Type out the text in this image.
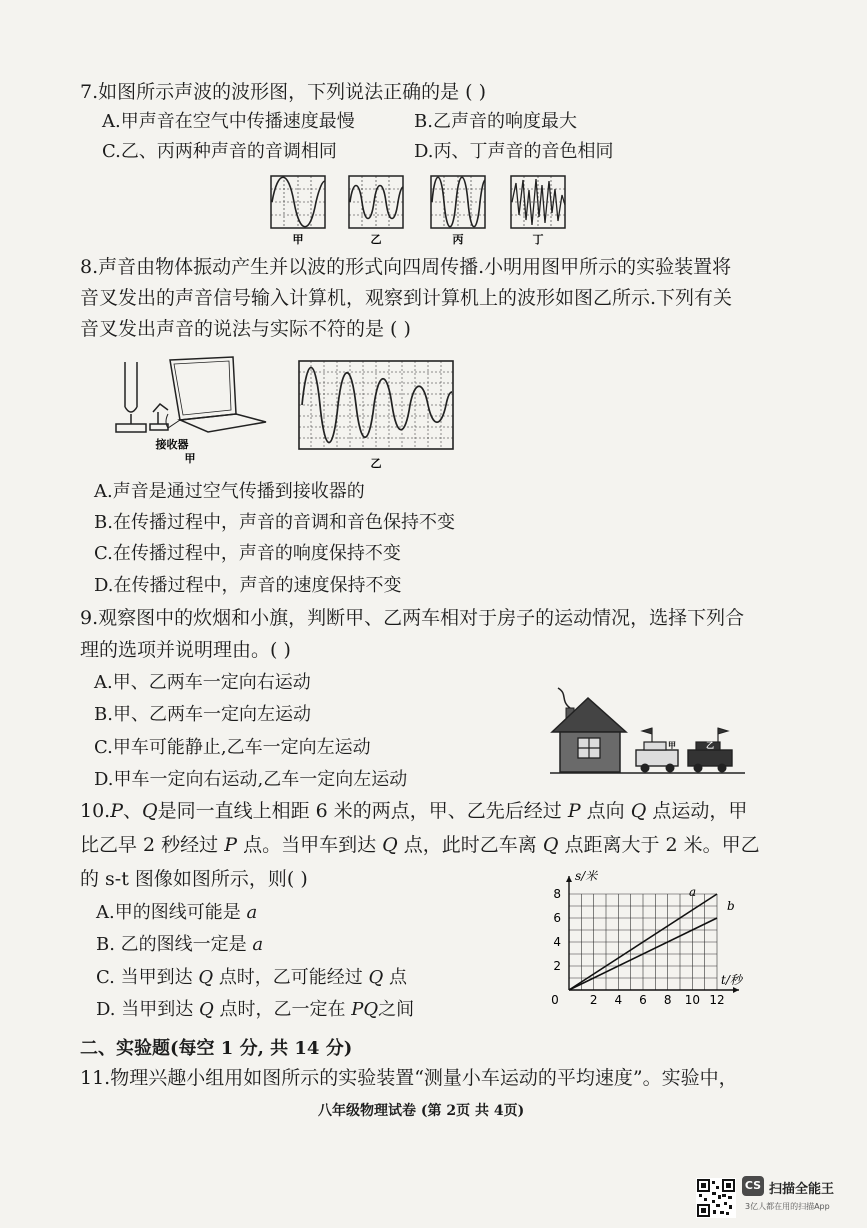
7.如图所示声波的波形图，下列说法正确的是 ( )
A.甲声音在空气中传播速度最慢	B.乙声音的响度最大
C.乙、丙两种声音的音调相同	D.丙、丁声音的音色相同
甲	乙	丙	丁
8.声音由物体振动产生并以波的形式向四周传播.小明用图甲所示的实验装置将
音叉发出的声音信号输入计算机，观察到计算机上的波形如图乙所示.下列有关
音叉发出声音的说法与实际不符的是 ( )
接收器
甲	乙
A.声音是通过空气传播到接收器的
B.在传播过程中，声音的音调和音色保持不变
C.在传播过程中，声音的响度保持不变
D.在传播过程中，声音的速度保持不变
9.观察图中的炊烟和小旗，判断甲、乙两车相对于房子的运动情况，选择下列合
理的选项并说明理由。( )
A.甲、乙两车一定向右运动
B.甲、乙两车一定向左运动
C.甲车可能静止,乙车一定向左运动
D.甲车一定向右运动,乙车一定向左运动
甲	乙
10.P、Q是同一直线上相距 6 米的两点，甲、乙先后经过 P 点向 Q 点运动，甲
比乙早 2 秒经过 P 点。当甲车到达 Q 点，此时乙车离 Q 点距离大于 2 米。甲乙
的 s-t 图像如图所示，则( )
A.甲的图线可能是 a
B. 乙的图线一定是 a
C. 当甲到达 Q 点时，乙可能经过 Q 点
D. 当甲到达 Q 点时，乙一定在 PQ之间
a
b
0	2 4 6 8 10 12
2
4
6
8
t/秒
s/米
二、实验题(每空 1 分, 共 14 分)
11.物理兴趣小组用如图所示的实验装置“测量小车运动的平均速度”。实验中，
八年级物理试卷 (第 2页 共 4页)
CS 扫描全能王
3亿人都在用的扫描App
